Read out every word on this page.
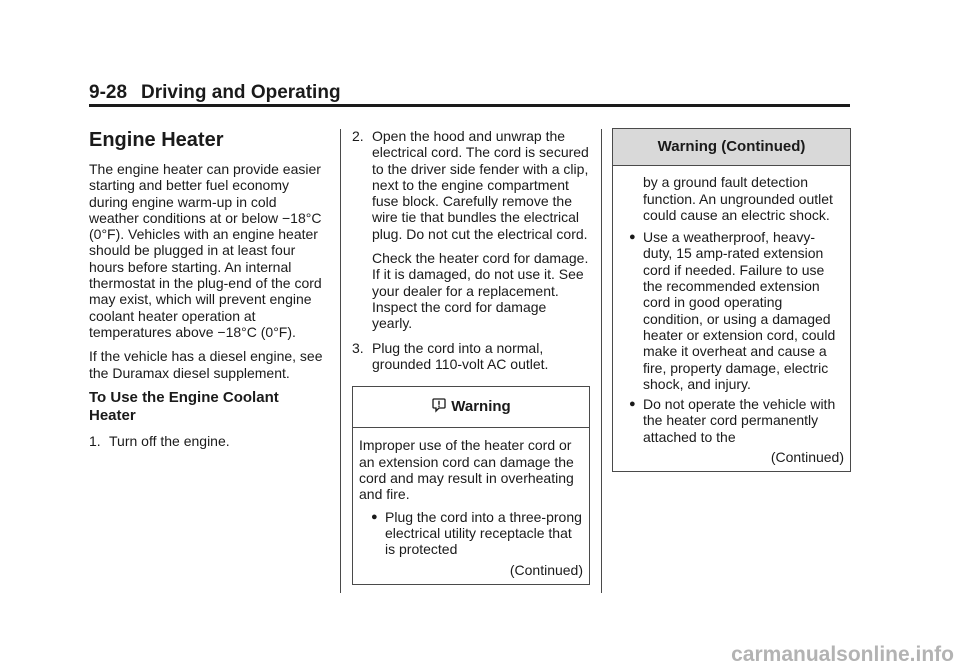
9-28 Driving and Operating
Engine Heater

The engine heater can provide easier starting and better fuel economy during engine warm-up in cold weather conditions at or below −18°C (0°F). Vehicles with an engine heater should be plugged in at least four hours before starting. An internal thermostat in the plug-end of the cord may exist, which will prevent engine coolant heater operation at temperatures above −18°C (0°F).

If the vehicle has a diesel engine, see the Duramax diesel supplement.

To Use the Engine Coolant Heater
1. Turn off the engine.
2. Open the hood and unwrap the electrical cord. The cord is secured to the driver side fender with a clip, next to the engine compartment fuse block. Carefully remove the wire tie that bundles the electrical plug. Do not cut the electrical cord.

Check the heater cord for damage. If it is damaged, do not use it. See your dealer for a replacement. Inspect the cord for damage yearly.

3. Plug the cord into a normal, grounded 110-volt AC outlet.
Warning

Improper use of the heater cord or an extension cord can damage the cord and may result in overheating and fire.

● Plug the cord into a three-prong electrical utility receptacle that is protected
(Continued)
Warning (Continued)

by a ground fault detection function. An ungrounded outlet could cause an electric shock.

● Use a weatherproof, heavy-duty, 15 amp-rated extension cord if needed. Failure to use the recommended extension cord in good operating condition, or using a damaged heater or extension cord, could make it overheat and cause a fire, property damage, electric shock, and injury.
● Do not operate the vehicle with the heater cord permanently attached to the
(Continued)
carmanualsonline.info
